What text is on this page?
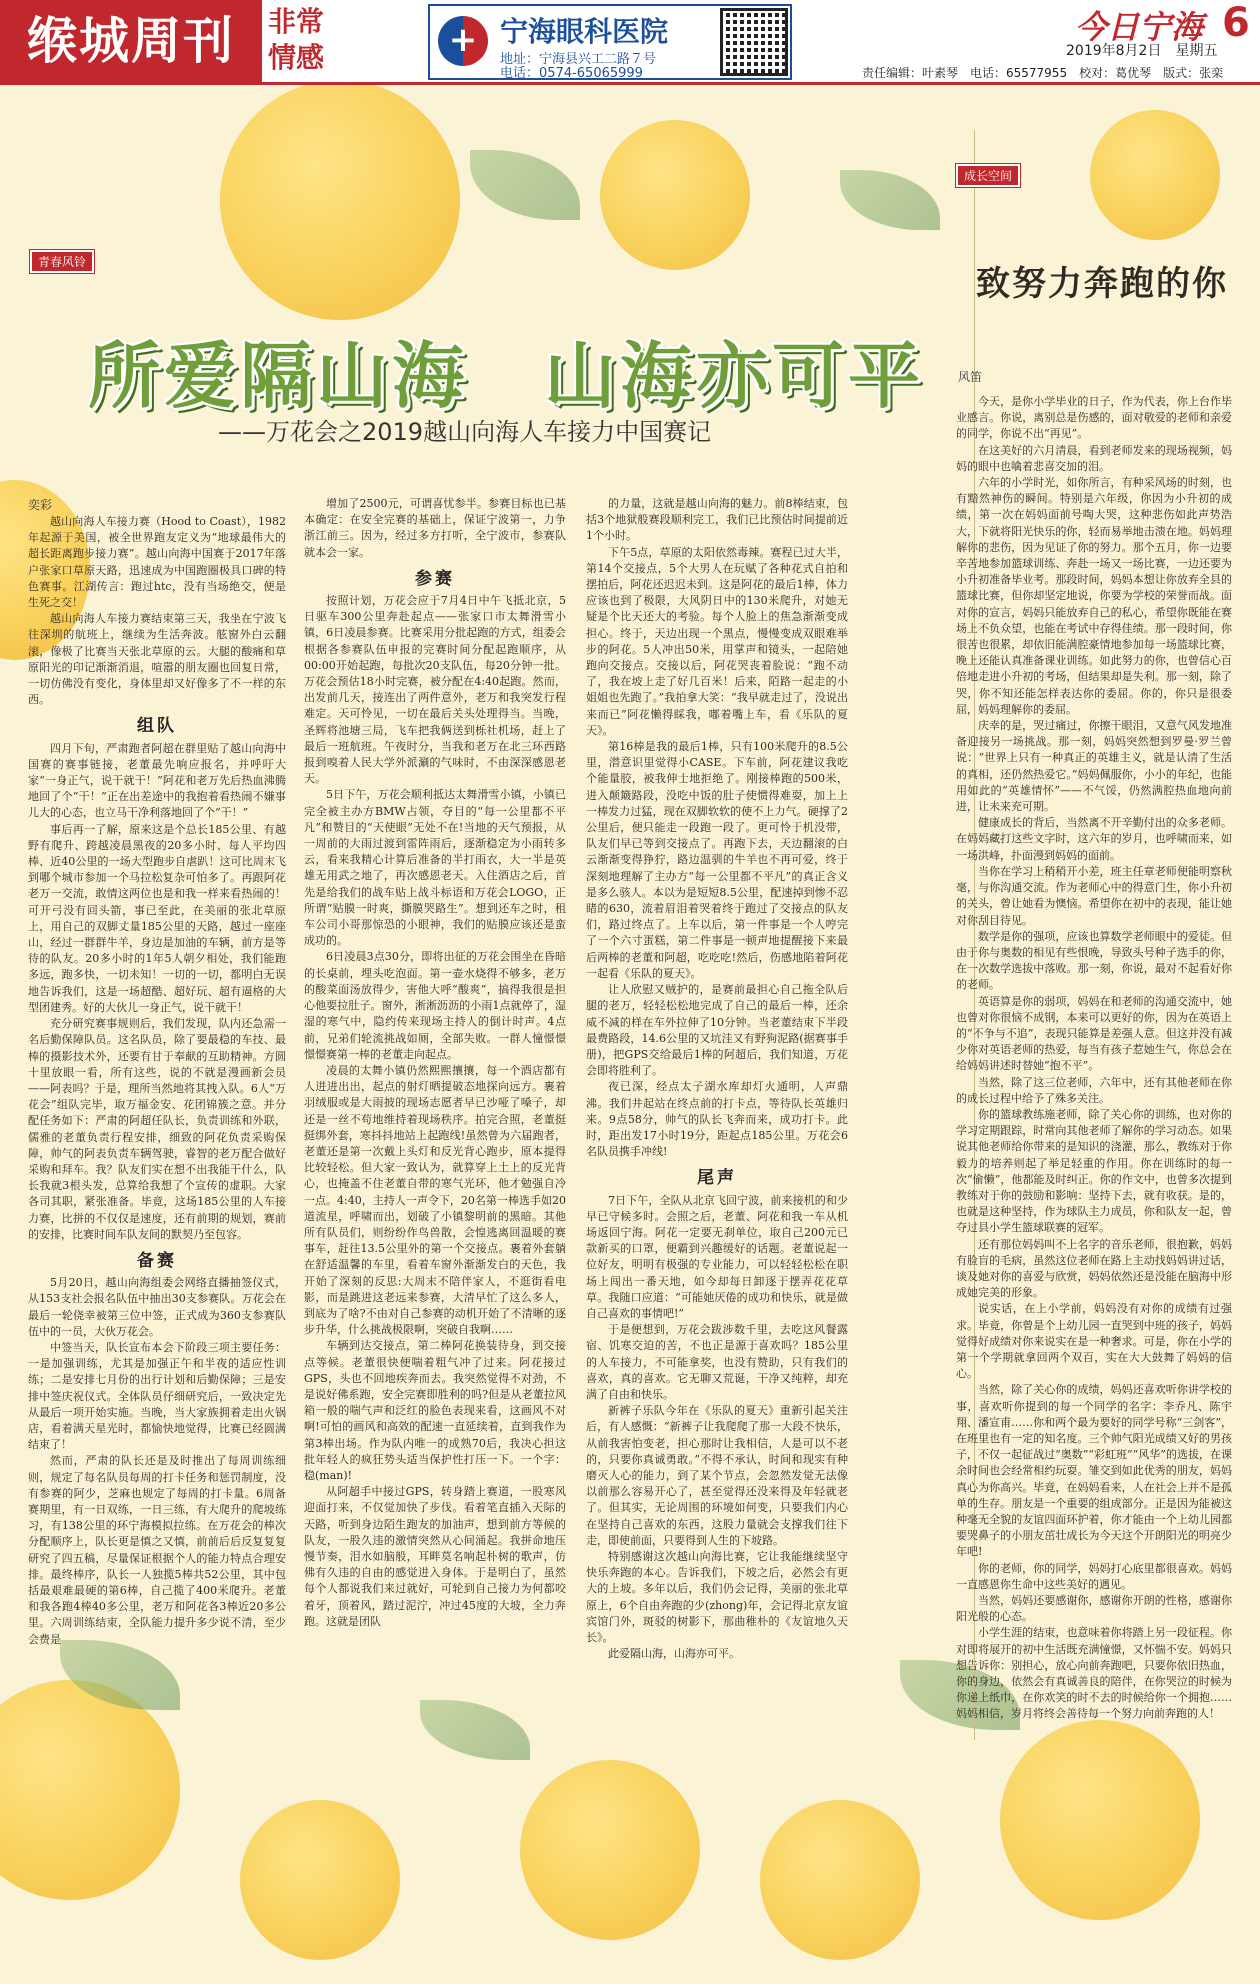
缑城周刊	非常情感
+
宁海眼科医院
地址：宁海县兴工二路７号
电话：0574-65065999
今日宁海 6
2019年8月2日　星期五
责任编辑：叶素琴　电话：65577955　校对：葛优琴　版式：张栾
青春风铃
所爱隔山海　山海亦可平
——万花会之2019越山向海人车接力中国赛记
奕彩

越山向海人车接力赛（Hood to Coast），1982年起源于美国，被全世界跑友定义为“地球最伟大的超长距离跑步接力赛”。越山向海中国赛于2017年落户张家口草原天路，迅速成为中国跑圈极具口碑的特色赛事。江湖传言：跑过htc，没有当场绝交，便是生死之交！

越山向海人车接力赛结束第三天，我坐在宁波飞往深圳的航班上，继续为生活奔波。舷窗外白云翻滚，像极了比赛当天张北草原的云。大腿的酸痛和草原阳光的印记渐渐消退，喧嚣的朋友圈也回复日常，一切仿佛没有变化，身体里却又好像多了不一样的东西。

组队

四月下旬，严肃跑者阿超在群里贴了越山向海中国赛的赛事链接，老董最先响应报名，并呼吁大家“一身正气，说干就干！”阿花和老万先后热血沸腾地回了个“干！”正在出差途中的我抱着看热闹不嫌事儿大的心态，也立马干净利落地回了个“干！”

事后再一了解，原来这是个总长185公里、有越野有爬升、跨越凌晨黑夜的20多小时、每人平均四棒、近40公里的一场大型跑步自虐趴！这可比周末飞到哪个城市参加一个马拉松复杂可怕多了。再跟阿花老万一交流，敢情这两位也是和我一样来看热闹的！可开弓没有回头箭，事已至此，在美丽的张北草原上，用自己的双脚丈量185公里的天路，越过一座座山，经过一群群牛羊，身边是加油的车辆，前方是等待的队友。20多小时的1年5人朝夕相处，我们能跑多远，跑多快，一切未知！一切的一切，都明白无误地告诉我们，这是一场超酷、超好玩、超有逼格的大型团建秀。好的大伙儿一身正气，说干就干！

充分研究赛事规则后，我们发现，队内还急需一名后勤保障队员。这名队员，除了要最稳的车技、最棒的摄影技术外，还要有甘于奉献的互助精神。方圆十里放眼一看，所有这些，说的不就是漫画新会员——阿表吗？于是，理所当然地将其拽入队。6人“万花会”组队完毕，取万福金安、花团锦簇之意。并分配任务如下：严肃的阿超任队长，负责训练和外联，儒雅的老董负责行程安排，细致的阿花负责采购保障，帅气的阿表负责车辆驾驶，睿智的老万配合做好采购和拜车。我？队友们实在想不出我能干什么，队长我就3根头发，总算给我想了个宣传的虚职。大家各司其职，紧张准备。毕竟，这场185公里的人车接力赛，比拼的不仅仅是速度，还有前期的规划，赛前的安排，比赛时间车队友间的默契乃至包容。

备赛

5月20日，越山向海组委会网络直播抽签仪式，从153支社会报名队伍中抽出30支参赛队。万花会在最后一轮侥幸被第三位中签，正式成为360支参赛队伍中的一员，大伙万花会。

中签当天，队长宣布本会下阶段三项主要任务：一是加强训练，尤其是加强正午和半夜的适应性训练；二是安排七月份的出行计划和后勤保障；三是安排中签庆祝仪式。全体队员仔细研究后，一致决定先从最后一项开始实施。当晚，当大家族拥着走出火锅店，看着满天星光时，都愉快地觉得，比赛已经圆满结束了！

然而，严肃的队长还是及时推出了每周训练细则，规定了每名队员每周的打卡任务和惩罚制度，没有参赛的阿少，芝麻也规定了每周的打卡量。6周备赛期里，有一日双练，一日三练，有大爬升的爬坡练习，有138公里的环宁海模拟拉练。在万花会的棒次分配顺序上，队长更是慎之又慎，前前后后反复复复研究了四五稿，尽量保证根据个人的能力特点合理安排。最终棒序，队长一人独揽5棒共52公里，其中包括最艰难最硬的第6棒，自己揽了400米爬升。老董和我各跑4棒40多公里，老万和阿花各3棒近20多公里。六周训练结束，全队能力提升多少说不清，至少会费是

增加了2500元，可谓喜忧参半。参赛目标也已基本确定：在安全完赛的基础上，保证宁波第一，力争浙江前三。因为，经过多方打听，全宁波市，参赛队就本会一家。

参赛

按照计划，万花会应于7月4日中午飞抵北京，5日驱车300公里奔赴起点——张家口市太舞滑雪小镇，6日凌晨参赛。比赛采用分批起跑的方式，组委会根据各参赛队伍申报的完赛时间分配起跑顺序，从00:00开始起跑，每批次20支队伍，每20分钟一批。万花会预估18小时完赛，被分配在4:40起跑。然而，出发前几天，接连出了两件意外，老万和我突发行程难定。天可怜见，一切在最后关头处理得当。当晚，圣辉将池塘三局，飞车把我俩送到栎社机场，赶上了最后一班航班。午夜时分，当我和老万在北三环西路报到嗅着人民大学外派涮的气味时，不由深深感恩老天。

5日下午，万花会顺利抵达太舞滑雪小镇，小镇已完全被主办方BMW占领，夺目的“每一公里都不平凡”和赞目的“天使眼”无处不在!当地的天气预报，从一周前的大雨过渡到雷阵雨后，逐渐稳定为小雨转多云，看来我精心计算后准备的半打雨衣，大一半是英雄无用武之地了，再次感恩老天。入住酒店之后，首先是给我们的战车贴上战斗标语和万花会LOGO，正所谓“贴膜一时爽，撕膜哭路生”。想到还车之时，租车公司小哥那惊恐的小眼神，我们的贴膜应该还是蛮成功的。

6日凌晨3点30分，即将出征的万花会围坐在昏暗的长桌前，埋头吃泡面。第一壶水烧得不够多，老万的酸菜面汤放得少，害他大呼“酸爽”，搞得我很是担心他要拉肚子。窗外，淅淅沥沥的小雨1点就停了，湿湿的寒气中，隐约传来现场主持人的倒计时声。4点前，兄弟们轮流挑战如厕，全部失败。一群人憧憬憬憬憬赛第一棒的老董走向起点。

凌晨的太舞小镇仍然熙熙攘攘，每一个酒店都有人进进出出，起点的射灯晒提破态地探向远方。裹着羽绒服或是大雨披的现场志愿者早已沙哑了嗓子，却还是一丝不苟地维持着现场秩序。拍完合照，老董挺挺绑外套，寒抖抖地站上起跑线!虽然曾为六届跑者，老董还是第一次戴上头灯和反光背心跑步，原本提得比较轻松。但大家一致认为，就算穿上土上的反光背心，也掩盖不住老董自带的寒气光环，他才勉强自冷一点。4:40，主持人一声令下，20名第一棒选手如20道流星，呼啸而出，划破了小镇黎明前的黑暗。其他所有队员们，则纷纷作鸟兽散，会惶逃离回温暖的赛事车，赶往13.5公里外的第一个交接点。裹着外套躺在舒适温馨的车里，看着车窗外渐渐发白的天色，我开始了深刻的反思:大周末不陪伴家人，不逛街看电影，而是跳进这老远来参赛，大清早忙了这么多人，到底为了啥?不由对自己参赛的动机开始了不清晰的逐步升华，什么挑战极限啊，突破自我啊……

车辆到达交接点，第二棒阿花换装待身，到交接点等候。老董很快便喘着粗气冲了过来。阿花接过GPS，头也不回地疾奔而去。我突然觉得不对劲，不是说好佛系跑，安全完赛即胜利的吗?但是从老董拉风箱一般的喘气声和泛红的脸色表现来看，这画风不对啊!可怕的画风和高效的配速一直延续着，直到我作为第3棒出场。作为队内唯一的成熟70后，我决心担这批年轻人的疯狂势头适当保护性打压一下。一个字：稳(man)!

从阿超手中接过GPS，转身踏上赛道，一股寒风迎面打来，不仅觉加快了步伐。看着笔直插入天际的天路，听到身边陌生跑友的加油声，想到前方等候的队友，一股久违的激情突然从心间涌起。我拼命地压慢节奏，泪水如脑般，耳畔莫名响起朴树的歌声，仿佛有久违的自由的感觉进入身体。于是明白了，虽然每个人都说我们来过就好，可轮到自己接力为何都咬着牙，顶着风，踏过泥泞，冲过45度的大坡，全力奔跑。这就是团队

的力量，这就是越山向海的魅力。前8棒结束，包括3个地狱般赛段顺利完工，我们已比预估时间提前近1个小时。

下午5点，草原的太阳依然毒辣。赛程已过大半，第14个交接点，5个大男人在玩赋了各种花式自拍和摆拍后，阿花还迟迟未到。这是阿花的最后1棒，体力应该也到了极限，大风阴日中的130米爬升，对她无疑是个比天还大的考验。每个人脸上的焦急渐渐变成担心。终于，天边出现一个黑点，慢慢变成双眼难举步的阿花。5人冲出50米，用掌声和镜头，一起陪她跑向交接点。交接以后，阿花哭丧着脸说：“跑不动了，我在坡上走了好几百米！后来，陌路一起走的小姐姐也先跑了。”我拍拿大笑：“我早就走过了，没说出来而已”阿花懒得睬我，嘟着嘴上车，看《乐队的夏天》。

第16棒是我的最后1棒，只有100米爬升的8.5公里，潜意识里觉得小CASE。下车前，阿花建议我吃个能量胶，被我伸士地拒绝了。刚接棒跑的500米，进入颠簸路段，没吃中饭的肚子使惯得难耍，加上上一棒发力过猛，现在双脚软软的使不上力气。硬撑了2公里后，便只能走一段跑一段了。更可怜于机没带，队友们早已等到交接点了。再跑下去，天边翻滚的白云渐渐变得狰狞，路边温驯的牛羊也不再可爱，终于深刻地理解了主办方“每一公里都不平凡”的真正含义是多么骇人。本以为是短短8.5公里，配速掉到惨不忍睹的630，流着眉泪着哭着终于跑过了交接点的队友们，路过终点了。上车以后，第一件事是一个人哼完了一个六寸蛋糕，第二件事是一顿声地提醒接下来最后两棒的老董和阿超，吃吃吃!然后，伤感地陷着阿花一起看《乐队的夏天》。

让人欣慰又贼护的，是赛前最担心自己拖全队后腿的老万，轻轻松松地完成了自己的最后一棒，还余威不减的样在车外拉伸了10分钟。当老董结束下半段最费路段，14.6公里的又坑洼又有野狗泥路(据赛事手册)，把GPS交给最后1棒的阿超后，我们知道，万花会即将胜利了。

夜已深，经点太子湖水库却灯火通明，人声鼎沸。我们井起站在终点前的打卡点，等待队长英雄归来。9点58分，帅气的队长飞奔而来，成功打卡。此时，距出发17小时19分，距起点185公里。万花会6名队员携手冲线!

尾声

7日下午，全队从北京飞回宁波，前来接机的和少早已守候多时。会照之后，老董、阿花和我一车从机场返回宁海。阿花一定要无刹单位，取自己200元已款新买的口罩，便霸到兴趣缓好的话题。老董说起一位好友，明明有极强的专业能力，可以轻轻松松在职场上闯出一番天地，如今却每日卸逐于摆弄花花草草。我随口应道：“可能她厌倦的成功和快乐，就是做自己喜欢的事情吧!”

于是便想到，万花会跋涉数千里，去吃这风餐露宿、饥寒交迫的苦，不也正是源于喜欢吗？185公里的人车接力，不可能拿奖，也没有赞助，只有我们的喜欢，真的喜欢。它无聊又荒诞，干净又纯粹，却充满了自由和快乐。

新裤子乐队今年在《乐队的夏天》重新引起关注后，有人感慨：“新裤子让我爬爬了那一大段不快乐，从前我害怕变老，担心那时让我相信，人是可以不老的，只要你真诚勇敢。”不得不承认，时间和现实有种磨灭人心的能力，到了某个节点，会忽然发觉无法像以前那么容易开心了，甚至觉得还没来得及年轻就老了。但其实，无论周围的环境如何变，只要我们内心在坚持自己喜欢的东西，这股力量就会支撑我们往下走，即使前面，只要得到人生的下坡路。

特别感谢这次越山向海比赛，它让我能继续坚守快乐奔跑的本心。告诉我们，下坡之后，必然会有更大的上坡。多年以后，我们仍会记得，美丽的张北草原上，6个自由奔跑的少(zhong)年，会记得北京友谊宾馆门外，斑驳的树影下，那曲稚朴的《友谊地久天长》。

此爱隔山海，山海亦可平。

成长空间
致努力奔跑的你
风笛

今天，是你小学毕业的日子，作为代表，你上台作毕业感言。你说，离别总是伤感的，面对敬爱的老师和亲爱的同学，你说不出“再见”。

在这美好的六月清晨，看到老师发来的现场视频，妈妈的眼中也噙着悲喜交加的泪。

六年的小学时光，如你所言，有种采风场的时刻，也有黯然神伤的瞬间。特别是六年级，你因为小升初的成绩，第一次在妈妈面前号啕大哭，这种悲伤如此声势浩大，下就将阳光快乐的你，轻而易举地击溃在地。妈妈理解你的悲伤，因为见证了你的努力。那个五月，你一边要辛苦地参加篮球训练、奔赴一场又一场比赛，一边还要为小升初准备毕业考。那段时间，妈妈本想让你放弃全县的篮球比赛，但你却坚定地说，你要为学校的荣誉而战。面对你的宣言，妈妈只能放弃自己的私心，希望你既能在赛场上不负众望，也能在考试中存得佳绩。那一段时间，你很苦也很累，却依旧能满腔豪情地参加每一场篮球比赛，晚上还能认真准备课业训练。如此努力的你，也曾信心百倍地走进小升初的考场，但结果却是失利。那一刻，除了哭，你不知还能怎样表达你的委屈。你的，你只是很委屈，妈妈理解你的委屈。

庆幸的是，哭过痛过，你擦干眼泪，又意气风发地准备迎接另一场挑战。那一刻，妈妈突然想到罗曼·罗兰曾说：“世界上只有一种真正的英雄主义，就是认清了生活的真相，还仍然热爱它。”妈妈佩服你，小小的年纪，也能用如此的“英雄情怀”——不气馁，仍然满腔热血地向前进，让未来充可期。

健康成长的背后，当然离不开辛勤付出的众多老师。在妈妈藏打这些文字时，这六年的岁月，也呼啸而来，如一场洪峰，扑面漫到妈妈的面前。

当你在学习上稍稍开小差，班主任章老师便能明察秋毫，与你沟通交流。作为老师心中的得意门生，你小升初的关头，曾让她看为懊恼。希望你在初中的表现，能让她对你刮目待见。

数学是你的强项，应该也算数学老师眼中的爱徒。但由于你与奥数的相见有些恨晚，导致头号种子选手的你，在一次数学选拔中落败。那一刻，你说，最对不起看好你的老师。

英语算是你的弱项，妈妈在和老师的沟通交流中，她也曾对你很恼不成钢，本来可以更好的你，因为在英语上的“不争与不追”，表现只能算是差强人意。但这并没有减少你对英语老师的热爱，每当有孩子惹她生气，你总会在给妈妈讲述时替她“抱不平”。

当然，除了这三位老师，六年中，还有其他老师在你的成长过程中给予了殊多关注。

你的篮球教练施老师，除了关心你的训练，也对你的学习定期跟踪，时常向其他老师了解你的学习动态。如果说其他老师给你带来的是知识的浇灌，那么，教练对于你毅力的培养则起了举足轻重的作用。你在训练时的每一次“偷懒”，他都能及时纠正。你的作文中，也曾多次提到教练对于你的鼓励和影响：坚持下去，就有收获。是的，也就是这种坚持，作为球队主力成员，你和队友一起，曾夺过县小学生篮球联赛的冠军。

还有那位妈妈叫不上名字的音乐老师，很抱歉，妈妈有脸盲的毛病，虽然这位老师在路上主动找妈妈讲过话，谈及她对你的喜爱与欣赏，妈妈依然还是没能在脑海中形成她完美的形象。

说实话，在上小学前，妈妈没有对你的成绩有过强求。毕竟，你曾是个上幼儿园一直哭到中班的孩子，妈妈觉得好成绩对你来说实在是一种奢求。可是，你在小学的第一个学期就拿回两个双百，实在大大鼓舞了妈妈的信心。

当然，除了关心你的成绩，妈妈还喜欢听你讲学校的事，喜欢听你提到的每一个同学的名字：李乔凡、陈宇翔、潘宣甫……你和两个最为要好的同学号称“三剑客”，在班里也有一定的知名度。三个帅气阳光成绩又好的男孩子，不仅一起征战过“奥数”“彩虹班”“风华”的选拔，在课余时间也会经常相约玩耍。雏交到如此优秀的朋友，妈妈真心为你高兴。毕竟，在妈妈看来，人在社会上并不是孤单的生存。朋友是一个重要的组成部分。正是因为能被这种毫无全貌的友谊四面环护着，你才能由一个上幼儿园都要哭鼻子的小朋友茁壮成长为今天这个开朗阳光的明亮少年吧!

你的老师，你的同学，妈妈打心底里都很喜欢。妈妈一直感恩你生命中这些美好的遇见。

当然，妈妈还要感谢你，感谢你开朗的性格，感谢你阳光般的心态。

小学生涯的结束，也意味着你将踏上另一段征程。你对即将展开的初中生活既充满憧憬，又怀惴不安。妈妈只想告诉你：别担心，放心向前奔跑吧，只要你依旧热血，你的身边，依然会有真诚善良的陪伴，在你哭泣的时候为你递上纸巾，在你欢笑的时不去的时候给你一个拥抱……妈妈相信，岁月将终会善待每一个努力向前奔跑的人！
